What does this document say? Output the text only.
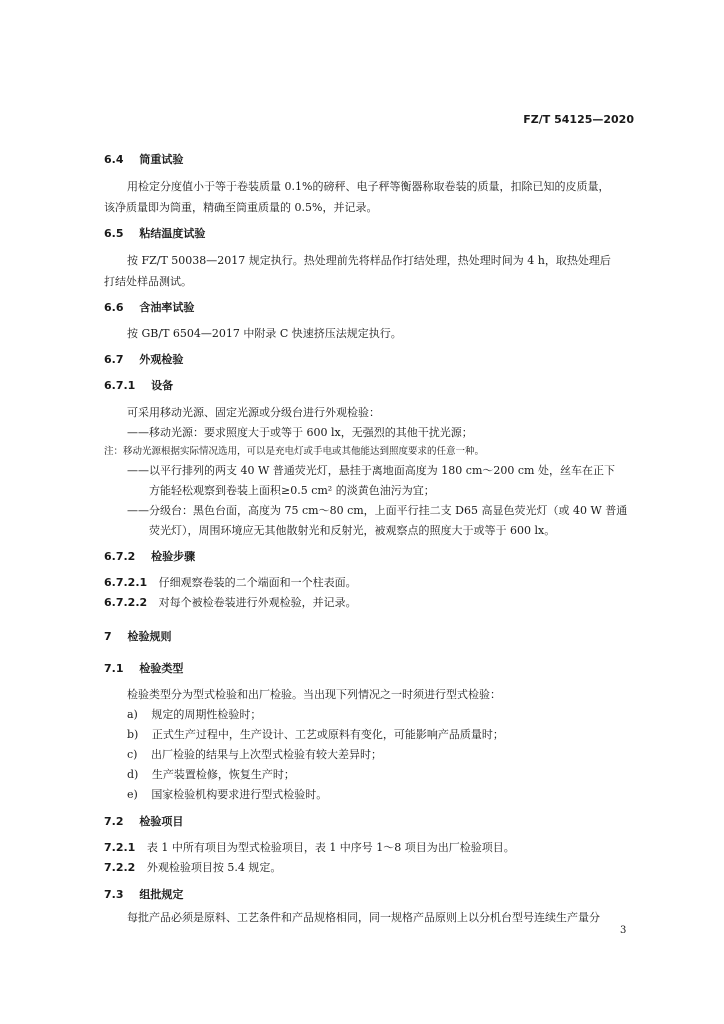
FZ/T 54125—2020
6.4 筒重试验
用检定分度值小于等于卷装质量 0.1%的磅秤、电子秤等衡器称取卷装的质量，扣除已知的皮质量，
该净质量即为筒重，精确至筒重质量的 0.5%，并记录。
6.5 粘结温度试验
按 FZ/T 50038—2017 规定执行。热处理前先将样品作打结处理，热处理时间为 4 h，取热处理后
打结处样品测试。
6.6 含油率试验
按 GB/T 6504—2017 中附录 C 快速挤压法规定执行。
6.7 外观检验
6.7.1 设备
可采用移动光源、固定光源或分级台进行外观检验：
——移动光源：要求照度大于或等于 600 lx，无强烈的其他干扰光源；
注：移动光源根据实际情况选用，可以是充电灯或手电或其他能达到照度要求的任意一种。
——以平行排列的两支 40 W 普通荧光灯，悬挂于离地面高度为 180 cm～200 cm 处，丝车在正下
方能轻松观察到卷装上面积≥0.5 cm² 的淡黄色油污为宜；
——分级台：黑色台面，高度为 75 cm～80 cm，上面平行挂二支 D65 高显色荧光灯（或 40 W 普通
荧光灯），周围环境应无其他散射光和反射光，被观察点的照度大于或等于 600 lx。
6.7.2 检验步骤
6.7.2.1 仔细观察卷装的二个端面和一个柱表面。
6.7.2.2 对每个被检卷装进行外观检验，并记录。
7 检验规则
7.1 检验类型
检验类型分为型式检验和出厂检验。当出现下列情况之一时须进行型式检验：
a) 规定的周期性检验时；
b) 正式生产过程中，生产设计、工艺或原料有变化，可能影响产品质量时；
c) 出厂检验的结果与上次型式检验有较大差异时；
d) 生产装置检修，恢复生产时；
e) 国家检验机构要求进行型式检验时。
7.2 检验项目
7.2.1 表 1 中所有项目为型式检验项目，表 1 中序号 1～8 项目为出厂检验项目。
7.2.2 外观检验项目按 5.4 规定。
7.3 组批规定
每批产品必须是原料、工艺条件和产品规格相同，同一规格产品原则上以分机台型号连续生产量分
3
